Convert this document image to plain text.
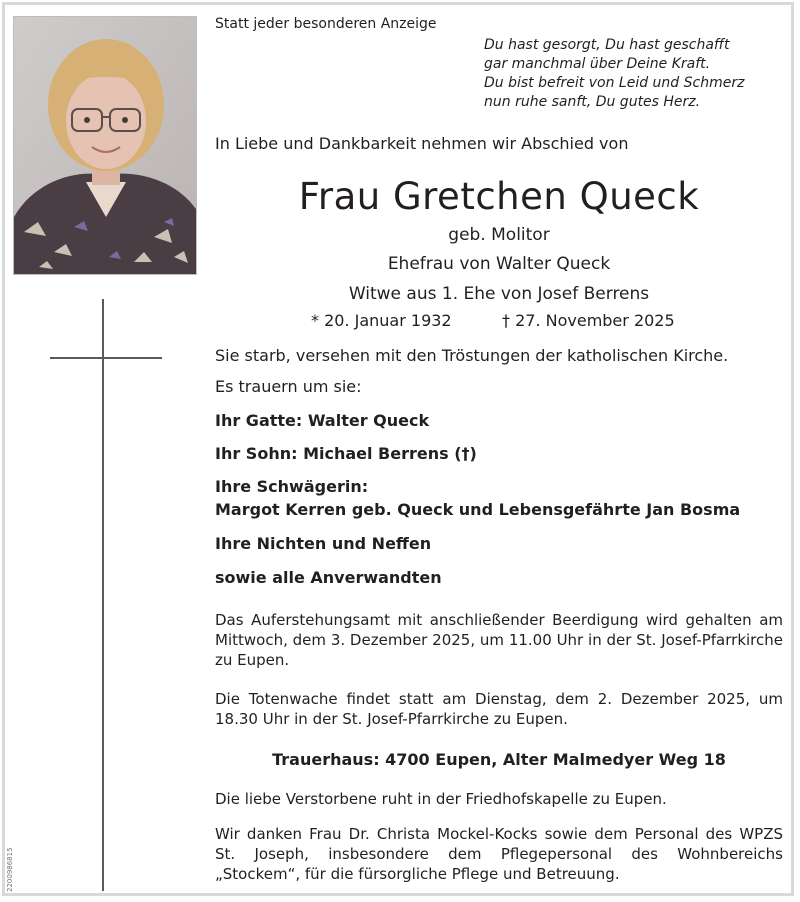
Statt jeder besonderen Anzeige
Du hast gesorgt, Du hast geschafft
gar manchmal über Deine Kraft.
Du bist befreit von Leid und Schmerz
nun ruhe sanft, Du gutes Herz.
In Liebe und Dankbarkeit nehmen wir Abschied von
Frau Gretchen Queck
geb. Molitor
Ehefrau von Walter Queck
Witwe aus 1. Ehe von Josef Berrens
* 20. Januar 1932	† 27. November 2025
Sie starb, versehen mit den Tröstungen der katholischen Kirche.
Es trauern um sie:
Ihr Gatte: Walter Queck
Ihr Sohn: Michael Berrens (†)
Ihre Schwägerin:
Margot Kerren geb. Queck und Lebensgefährte Jan Bosma
Ihre Nichten und Neffen
sowie alle Anverwandten
Das Auferstehungsamt mit anschließender Beerdigung wird gehalten am Mittwoch, dem 3. Dezember 2025, um 11.00 Uhr in der St. Josef-Pfarrkirche zu Eupen.
Die Totenwache findet statt am Dienstag, dem 2. Dezember 2025, um 18.30 Uhr in der St. Josef-Pfarrkirche zu Eupen.
Trauerhaus: 4700 Eupen, Alter Malmedyer Weg 18
Die liebe Verstorbene ruht in der Friedhofskapelle zu Eupen.
Wir danken Frau Dr. Christa Mockel-Kocks sowie dem Personal des WPZS St. Joseph, insbesondere dem Pflegepersonal des Wohnbereichs „Stockem“, für die fürsorgliche Pflege und Betreuung.
2200986815
